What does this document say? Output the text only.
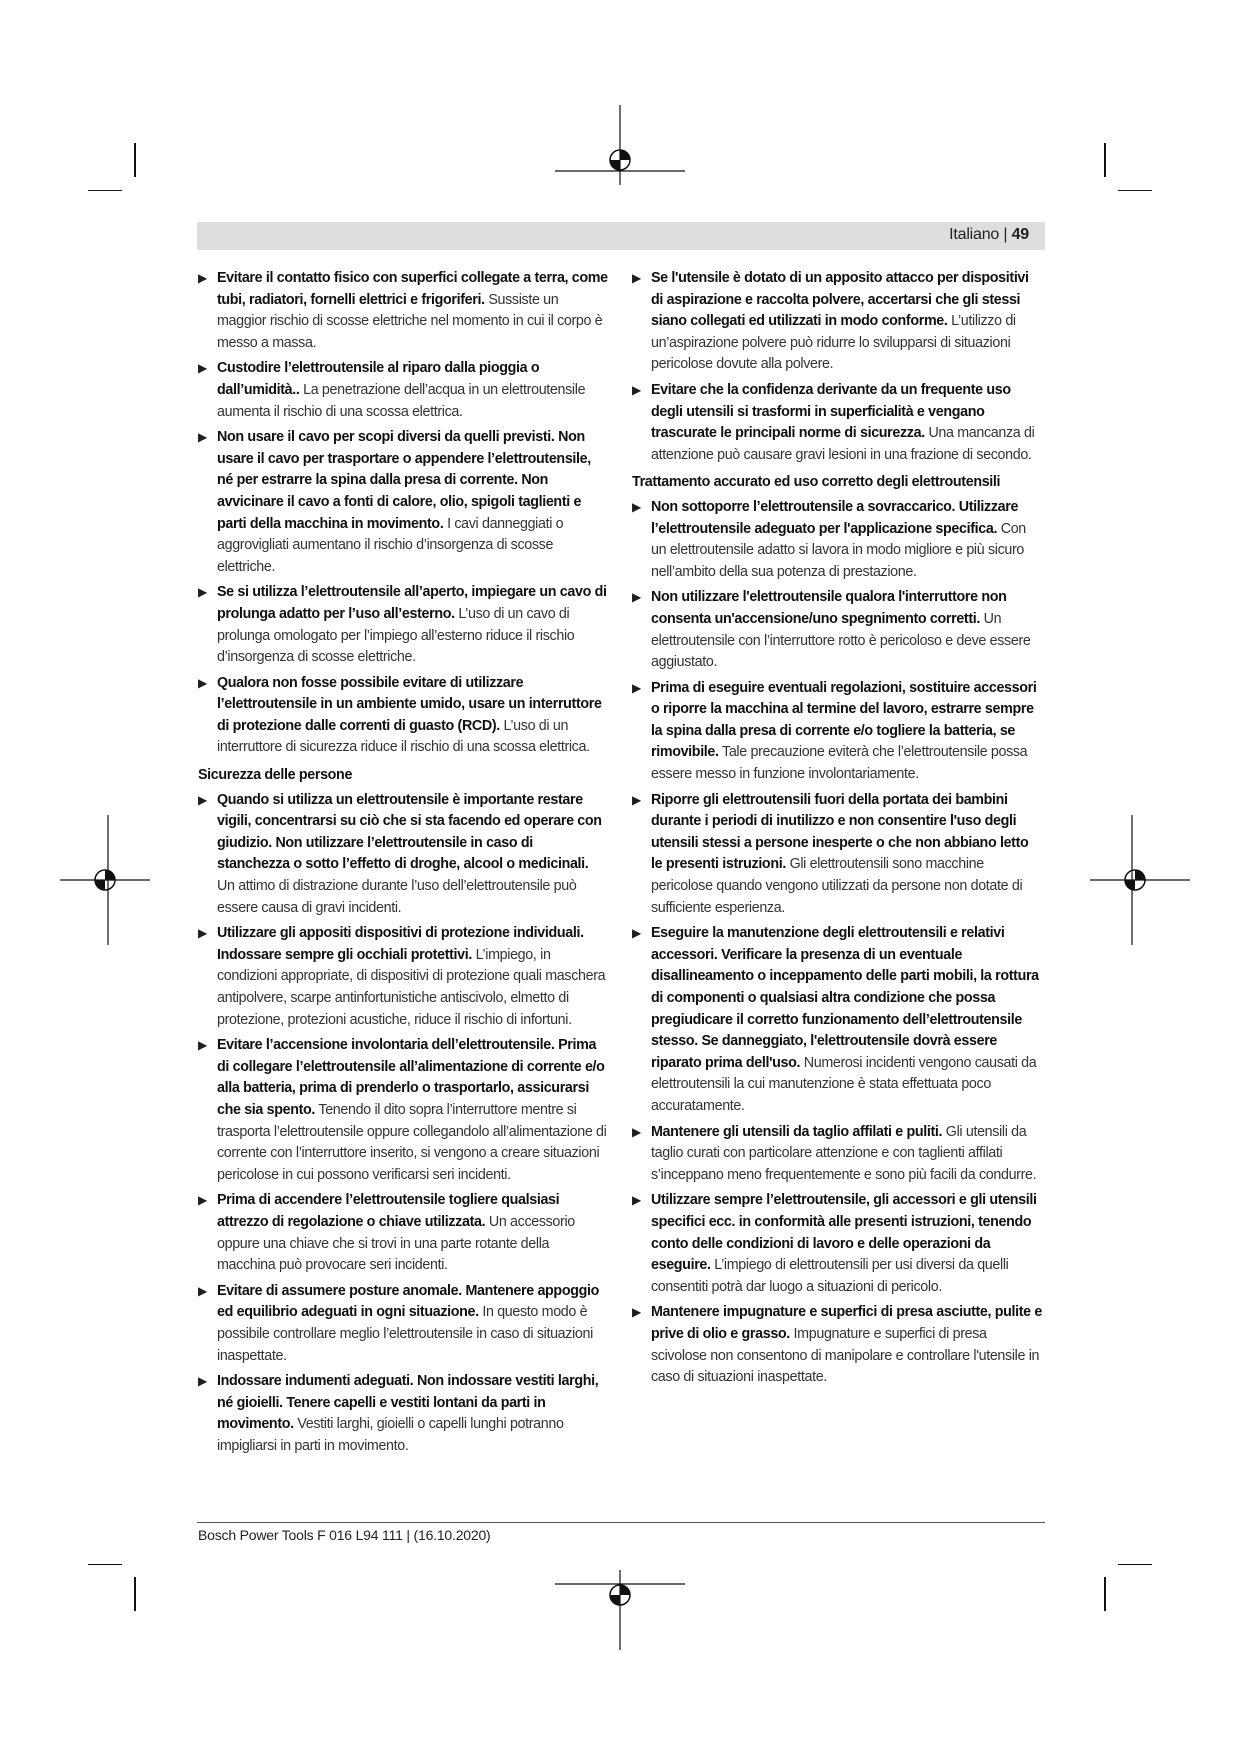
Italiano | 49
▶ Evitare il contatto fisico con superfici collegate a terra, come tubi, radiatori, fornelli elettrici e frigoriferi. Sussiste un maggior rischio di scosse elettriche nel momento in cui il corpo è messo a massa.
▶ Custodire l’elettroutensile al riparo dalla pioggia o dall’umidità.. La penetrazione dell’acqua in un elettroutensile aumenta il rischio di una scossa elettrica.
▶ Non usare il cavo per scopi diversi da quelli previsti. Non usare il cavo per trasportare o appendere l’elettroutensile, né per estrarre la spina dalla presa di corrente. Non avvicinare il cavo a fonti di calore, olio, spigoli taglienti e parti della macchina in movimento. I cavi danneggiati o aggrovigliati aumentano il rischio d’insorgenza di scosse elettriche.
▶ Se si utilizza l’elettroutensile all’aperto, impiegare un cavo di prolunga adatto per l’uso all’esterno. L’uso di un cavo di prolunga omologato per l’impiego all’esterno riduce il rischio d’insorgenza di scosse elettriche.
▶ Qualora non fosse possibile evitare di utilizzare l’elettroutensile in un ambiente umido, usare un interruttore di protezione dalle correnti di guasto (RCD). L’uso di un interruttore di sicurezza riduce il rischio di una scossa elettrica.
Sicurezza delle persone
▶ Quando si utilizza un elettroutensile è importante restare vigili, concentrarsi su ciò che si sta facendo ed operare con giudizio. Non utilizzare l’elettroutensile in caso di stanchezza o sotto l’effetto di droghe, alcool o medicinali. Un attimo di distrazione durante l’uso dell’elettroutensile può essere causa di gravi incidenti.
▶ Utilizzare gli appositi dispositivi di protezione individuali. Indossare sempre gli occhiali protettivi. L’impiego, in condizioni appropriate, di dispositivi di protezione quali maschera antipolvere, scarpe antinfortunistiche antiscivolo, elmetto di protezione, protezioni acustiche, riduce il rischio di infortuni.
▶ Evitare l’accensione involontaria dell’elettroutensile. Prima di collegare l’elettroutensile all’alimentazione di corrente e/o alla batteria, prima di prenderlo o trasportarlo, assicurarsi che sia spento. Tenendo il dito sopra l’interruttore mentre si trasporta l’elettroutensile oppure collegandolo all’alimentazione di corrente con l’interruttore inserito, si vengono a creare situazioni pericolose in cui possono verificarsi seri incidenti.
▶ Prima di accendere l’elettroutensile togliere qualsiasi attrezzo di regolazione o chiave utilizzata. Un accessorio oppure una chiave che si trovi in una parte rotante della macchina può provocare seri incidenti.
▶ Evitare di assumere posture anomale. Mantenere appoggio ed equilibrio adeguati in ogni situazione. In questo modo è possibile controllare meglio l’elettroutensile in caso di situazioni inaspettate.
▶ Indossare indumenti adeguati. Non indossare vestiti larghi, né gioielli. Tenere capelli e vestiti lontani da parti in movimento. Vestiti larghi, gioielli o capelli lunghi potranno impigliarsi in parti in movimento.
▶ Se l'utensile è dotato di un apposito attacco per dispositivi di aspirazione e raccolta polvere, accertarsi che gli stessi siano collegati ed utilizzati in modo conforme. L’utilizzo di un’aspirazione polvere può ridurre lo svilupparsi di situazioni pericolose dovute alla polvere.
▶ Evitare che la confidenza derivante da un frequente uso degli utensili si trasformi in superficialità e vengano trascurate le principali norme di sicurezza. Una mancanza di attenzione può causare gravi lesioni in una frazione di secondo.
Trattamento accurato ed uso corretto degli elettroutensili
▶ Non sottoporre l’elettroutensile a sovraccarico. Utilizzare l’elettroutensile adeguato per l'applicazione specifica. Con un elettroutensile adatto si lavora in modo migliore e più sicuro nell’ambito della sua potenza di prestazione.
▶ Non utilizzare l'elettroutensile qualora l'interruttore non consenta un'accensione/uno spegnimento corretti. Un elettroutensile con l’interruttore rotto è pericoloso e deve essere aggiustato.
▶ Prima di eseguire eventuali regolazioni, sostituire accessori o riporre la macchina al termine del lavoro, estrarre sempre la spina dalla presa di corrente e/o togliere la batteria, se rimovibile. Tale precauzione eviterà che l’elettroutensile possa essere messo in funzione involontariamente.
▶ Riporre gli elettroutensili fuori della portata dei bambini durante i periodi di inutilizzo e non consentire l'uso degli utensili stessi a persone inesperte o che non abbiano letto le presenti istruzioni. Gli elettroutensili sono macchine pericolose quando vengono utilizzati da persone non dotate di sufficiente esperienza.
▶ Eseguire la manutenzione degli elettroutensili e relativi accessori. Verificare la presenza di un eventuale disallineamento o inceppamento delle parti mobili, la rottura di componenti o qualsiasi altra condizione che possa pregiudicare il corretto funzionamento dell’elettroutensile stesso. Se danneggiato, l'elettroutensile dovrà essere riparato prima dell'uso. Numerosi incidenti vengono causati da elettroutensili la cui manutenzione è stata effettuata poco accuratamente.
▶ Mantenere gli utensili da taglio affilati e puliti. Gli utensili da taglio curati con particolare attenzione e con taglienti affilati s’inceppano meno frequentemente e sono più facili da condurre.
▶ Utilizzare sempre l’elettroutensile, gli accessori e gli utensili specifici ecc. in conformità alle presenti istruzioni, tenendo conto delle condizioni di lavoro e delle operazioni da eseguire. L’impiego di elettroutensili per usi diversi da quelli consentiti potrà dar luogo a situazioni di pericolo.
▶ Mantenere impugnature e superfici di presa asciutte, pulite e prive di olio e grasso. Impugnature e superfici di presa scivolose non consentono di manipolare e controllare l'utensile in caso di situazioni inaspettate.
Bosch Power Tools F 016 L94 111 | (16.10.2020)
